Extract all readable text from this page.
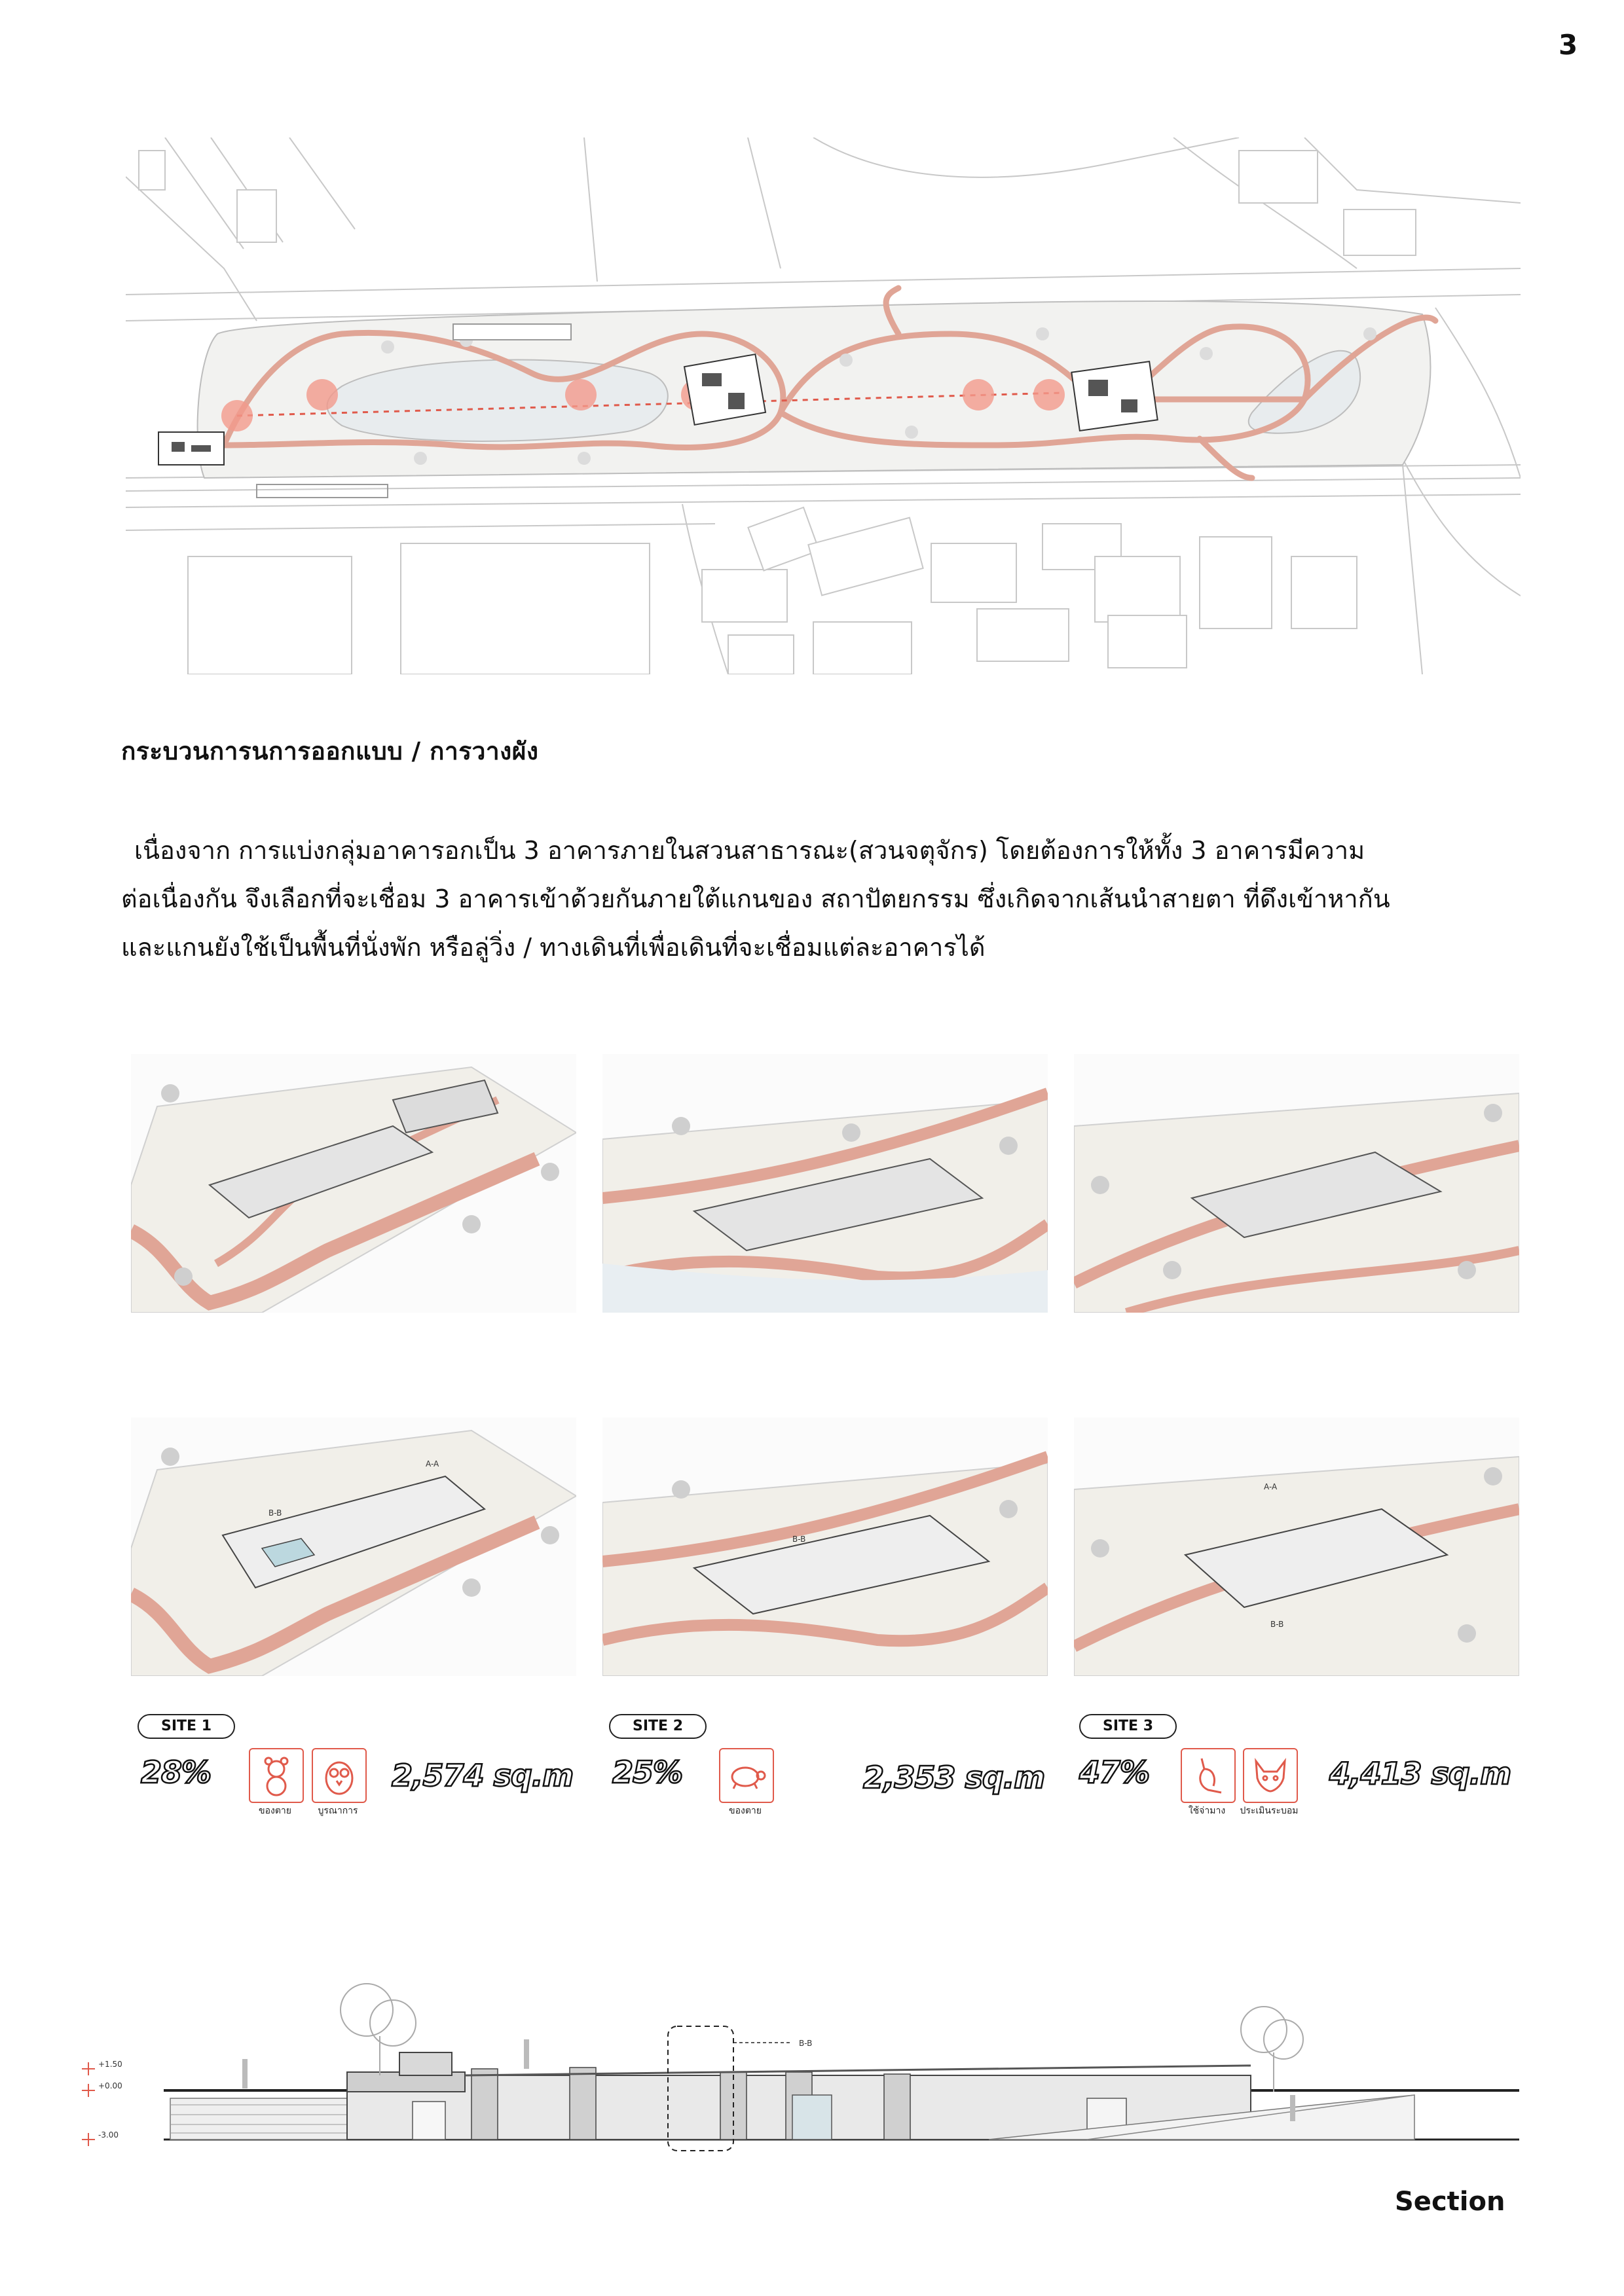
3
กระบวนการนการออกแบบ / การวางผัง

เนื่องจาก การแบ่งกลุ่มอาคารอกเป็น 3 อาคารภายในสวนสาธารณะ(สวนจตุจักร) โดยต้องการให้ทั้ง 3 อาคารมีความ

ต่อเนื่องกัน จึงเลือกที่จะเชื่อม 3 อาคารเข้าด้วยกันภายใต้แกนของ สถาปัตยกรรม ซึ่งเกิดจากเส้นนำสายตา ที่ดึงเข้าหากัน

และแกนยังใช้เป็นพื้นที่นั่งพัก หรือลู่วิ่ง / ทางเดินที่เพื่อเดินที่จะเชื่อมแต่ละอาคารได้

A-A
B-B
B-B
A-A
B-B
SITE 1
28%
ของตาย	บูรณาการ
2,574 sq.m
SITE 2
25%
ของตาย
2,353 sq.m
SITE 3
47%
ใช้จ่ามาง	ประเมินระบอม
4,413 sq.m
+1.50
+0.00
-3.00
B-B
Section
